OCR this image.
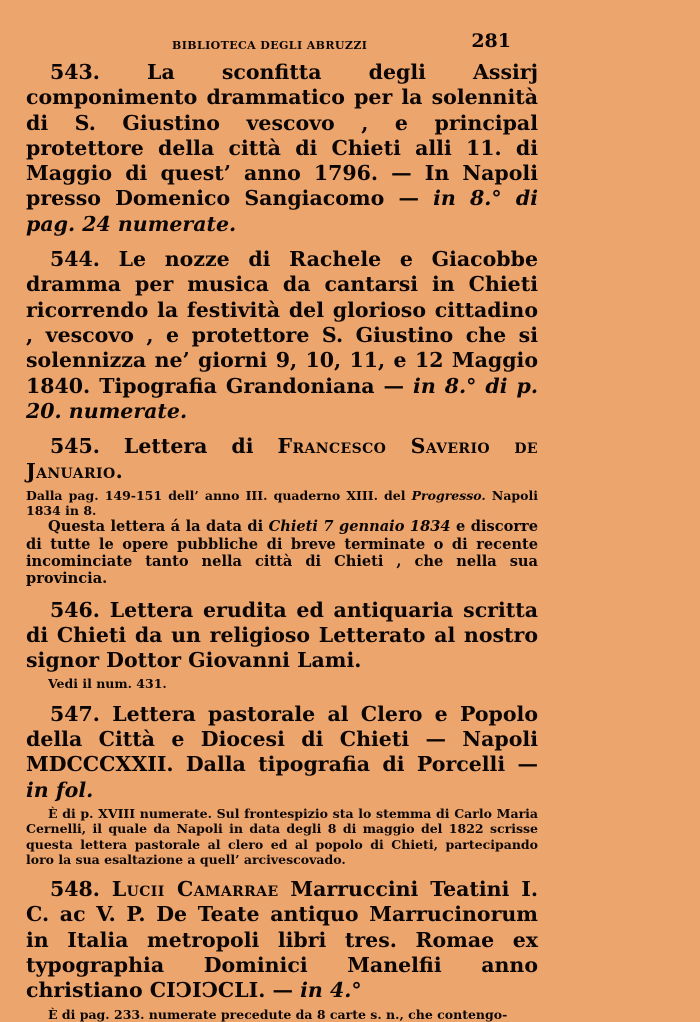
BIBLIOTECA DEGLI ABRUZZI	281

543. La sconfitta degli Assirj componimento drammatico per la solennità di S. Giustino vescovo , e principal protettore della città di Chieti alli 11. di Maggio di quest’ anno 1796. — In Napoli presso Domenico Sangiacomo — in 8.° di pag. 24 numerate.

544. Le nozze di Rachele e Giacobbe dramma per musica da cantarsi in Chieti ricorrendo la festività del glorioso cittadino , vescovo , e protettore S. Giustino che si solennizza ne’ giorni 9, 10, 11, e 12 Maggio 1840. Tipografia Grandoniana — in 8.° di p. 20. numerate.

545. Lettera di Francesco Saverio de Januario.

Dalla pag. 149-151 dell’ anno III. quaderno XIII. del Progresso. Napoli 1834 in 8.

Questa lettera á la data di Chieti 7 gennaio 1834 e discorre di tutte le opere pubbliche di breve terminate o di recente incominciate tanto nella città di Chieti , che nella sua provincia.

546. Lettera erudita ed antiquaria scritta di Chieti da un religioso Letterato al nostro signor Dottor Giovanni Lami.

Vedi il num. 431.

547. Lettera pastorale al Clero e Popolo della Città e Diocesi di Chieti — Napoli MDCCCXXII. Dalla tipografia di Porcelli — in fol.

È di p. XVIII numerate. Sul frontespizio sta lo stemma di Carlo Maria Cernelli, il quale da Napoli in data degli 8 di maggio del 1822 scrisse questa lettera pastorale al clero ed al popolo di Chieti, partecipando loro la sua esaltazione a quell’ arcivescovado.

548. Lucii Camarrae Marruccini Teatini I. C. ac V. P. De Teate antiquo Marrucinorum in Italia metropoli libri tres. Romae ex typographia Dominici Manelfii anno christiano CIↃIↃCLI. — in 4.°

È di pag. 233. numerate precedute da 8 carte s. n., che contengo-
